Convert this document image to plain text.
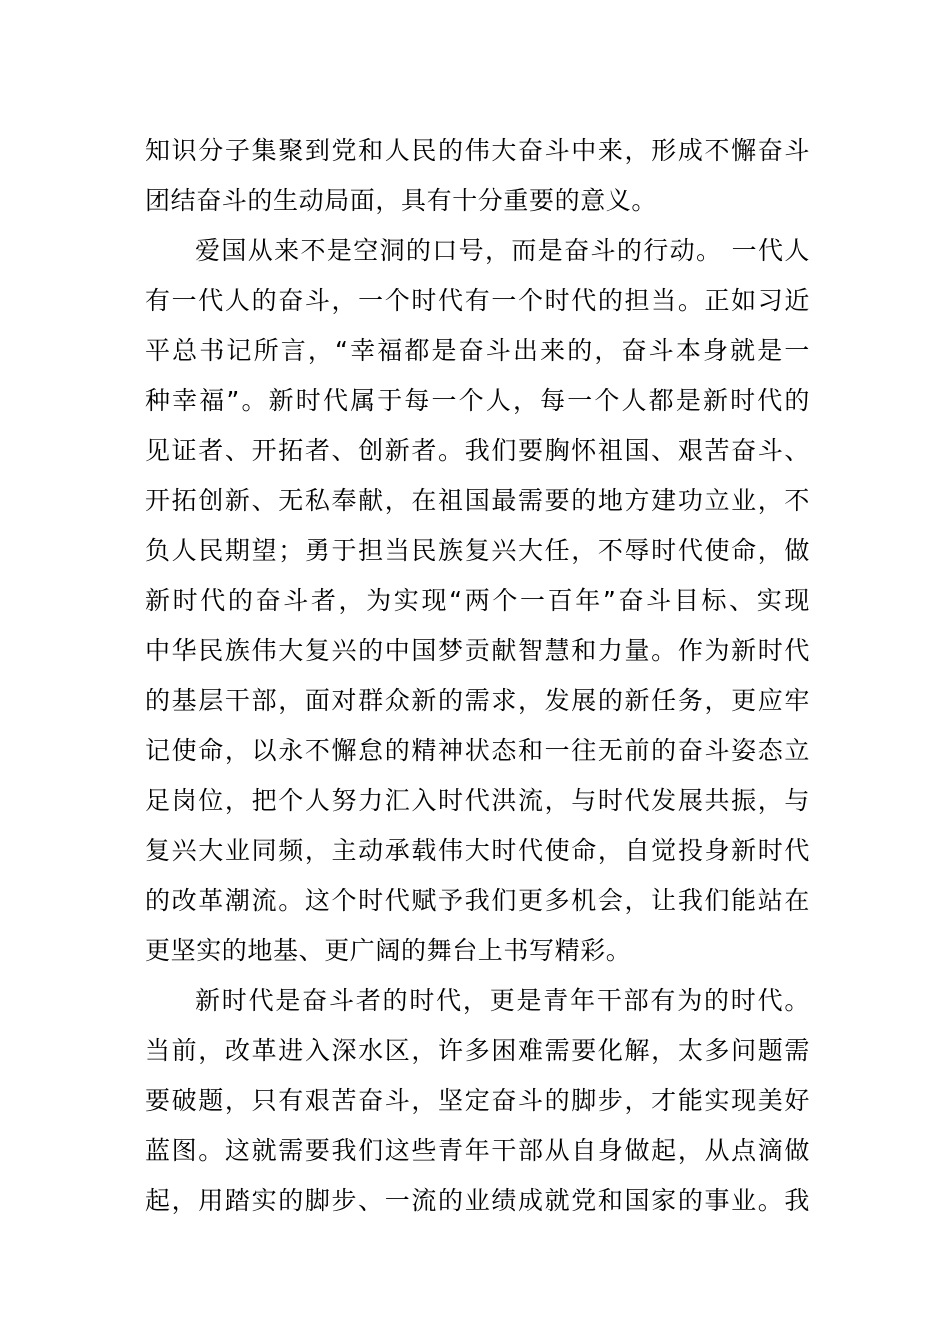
知识分子集聚到党和人民的伟大奋斗中来，形成不懈奋斗
团结奋斗的生动局面，具有十分重要的意义。
爱国从来不是空洞的口号，而是奋斗的行动。 一代人
有一代人的奋斗，一个时代有一个时代的担当。正如习近
平总书记所言，“幸福都是奋斗出来的，奋斗本身就是一
种幸福”。新时代属于每一个人，每一个人都是新时代的
见证者、开拓者、创新者。我们要胸怀祖国、艰苦奋斗、
开拓创新、无私奉献，在祖国最需要的地方建功立业，不
负人民期望；勇于担当民族复兴大任，不辱时代使命，做
新时代的奋斗者，为实现“两个一百年”奋斗目标、实现
中华民族伟大复兴的中国梦贡献智慧和力量。作为新时代
的基层干部，面对群众新的需求，发展的新任务，更应牢
记使命，以永不懈怠的精神状态和一往无前的奋斗姿态立
足岗位，把个人努力汇入时代洪流，与时代发展共振，与
复兴大业同频，主动承载伟大时代使命，自觉投身新时代
的改革潮流。这个时代赋予我们更多机会，让我们能站在
更坚实的地基、更广阔的舞台上书写精彩。
新时代是奋斗者的时代，更是青年干部有为的时代。
当前，改革进入深水区，许多困难需要化解，太多问题需
要破题，只有艰苦奋斗，坚定奋斗的脚步，才能实现美好
蓝图。这就需要我们这些青年干部从自身做起，从点滴做
起，用踏实的脚步、一流的业绩成就党和国家的事业。我
